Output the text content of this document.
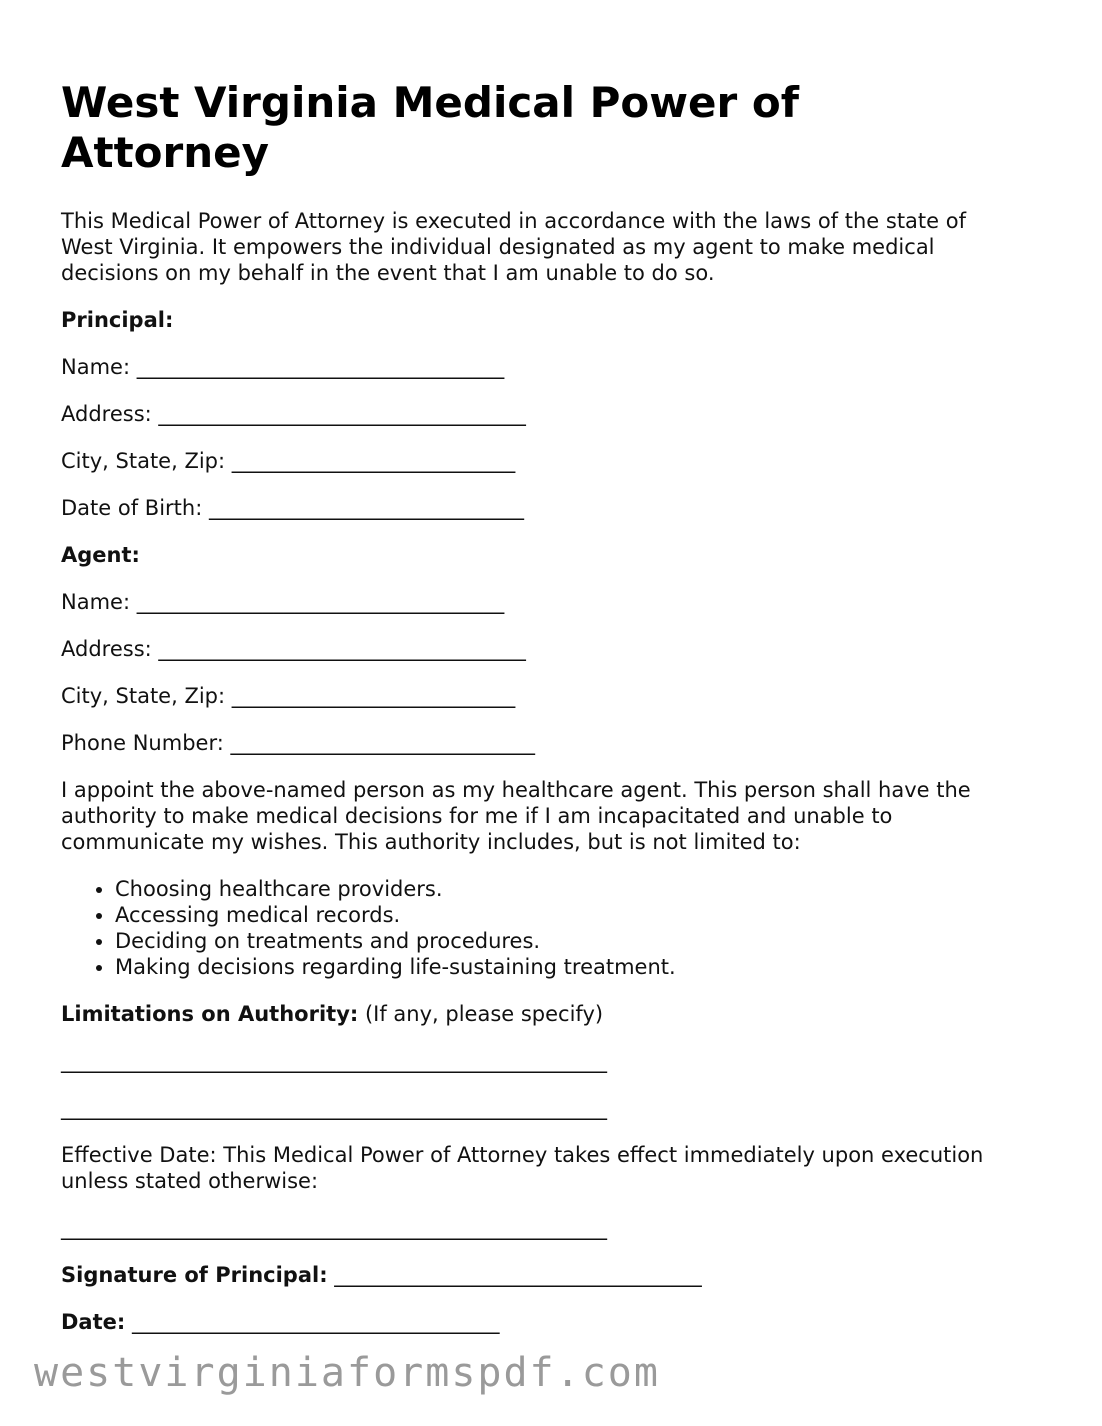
West Virginia Medical Power of Attorney

This Medical Power of Attorney is executed in accordance with the laws of the state of West Virginia. It empowers the individual designated as my agent to make medical decisions on my behalf in the event that I am unable to do so.

Principal:

Name: ___________________________________

Address: ___________________________________

City, State, Zip: ___________________________

Date of Birth: ______________________________

Agent:

Name: ___________________________________

Address: ___________________________________

City, State, Zip: ___________________________

Phone Number: _____________________________

I appoint the above-named person as my healthcare agent. This person shall have the authority to make medical decisions for me if I am incapacitated and unable to communicate my wishes. This authority includes, but is not limited to:

• Choosing healthcare providers.
• Accessing medical records.
• Deciding on treatments and procedures.
• Making decisions regarding life-sustaining treatment.

Limitations on Authority: (If any, please specify)

____________________________________________________

____________________________________________________

Effective Date: This Medical Power of Attorney takes effect immediately upon execution unless stated otherwise:

____________________________________________________

Signature of Principal: ___________________________________

Date: ___________________________________

westvirginiaformspdf.com
